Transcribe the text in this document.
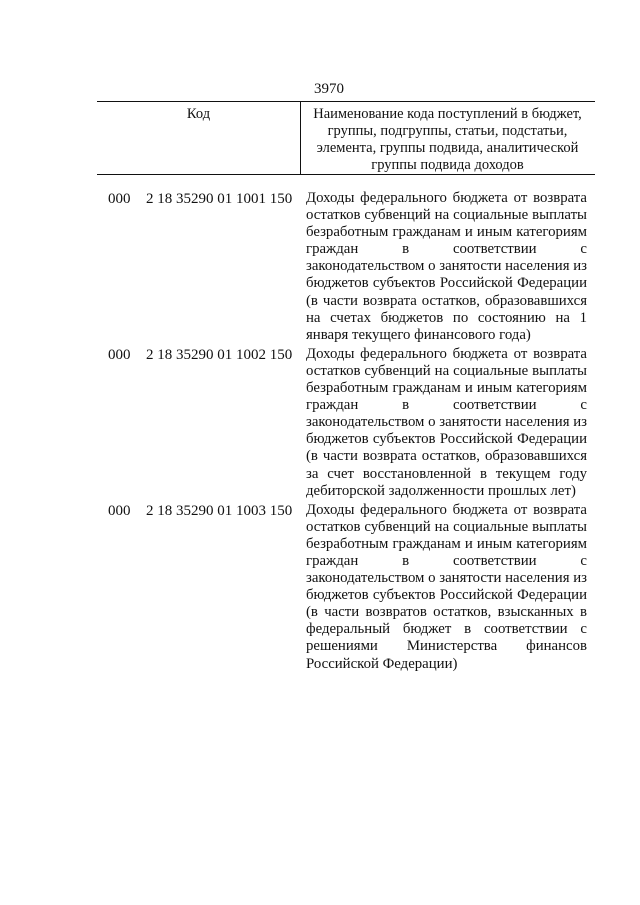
3970
Код	Наименование кода поступлений в бюджет, группы, подгруппы, статьи, подстатьи, элемента, группы подвида, аналитической группы подвида доходов
000 2 18 35290 01 1001 150 Доходы федерального бюджета от возврата остатков субвенций на социальные выплаты безработным гражданам и иным категориям граждан в соответствии с законодательством о занятости населения из бюджетов субъектов Российской Федерации (в части возврата остатков, образовавшихся на счетах бюджетов по состоянию на 1 января текущего финансового года)
000 2 18 35290 01 1002 150 Доходы федерального бюджета от возврата остатков субвенций на социальные выплаты безработным гражданам и иным категориям граждан в соответствии с законодательством о занятости населения из бюджетов субъектов Российской Федерации (в части возврата остатков, образовавшихся за счет восстановленной в текущем году дебиторской задолженности прошлых лет)
000 2 18 35290 01 1003 150 Доходы федерального бюджета от возврата остатков субвенций на социальные выплаты безработным гражданам и иным категориям граждан в соответствии с законодательством о занятости населения из бюджетов субъектов Российской Федерации (в части возвратов остатков, взысканных в федеральный бюджет в соответствии с решениями Министерства финансов Российской Федерации)
